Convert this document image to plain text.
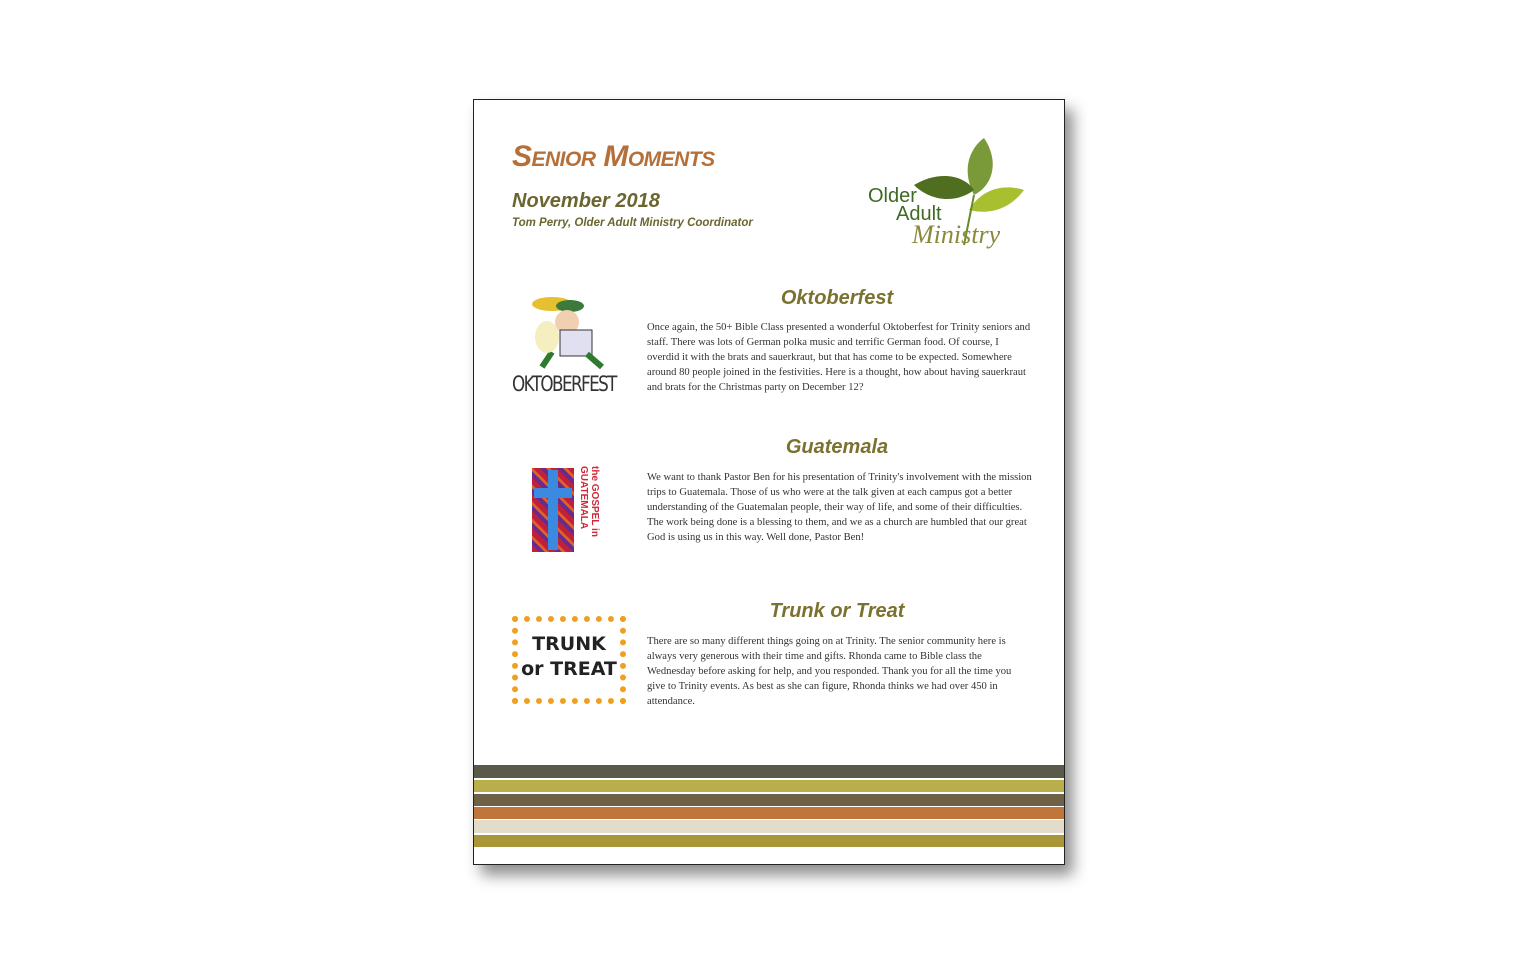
Senior Moments
November 2018
Tom Perry, Older Adult Ministry Coordinator
Older
Adult
Ministry
OKTOBERFEST
Oktoberfest
Once again, the 50+ Bible Class presented a wonderful Oktoberfest for Trinity seniors and staff. There was lots of German polka music and terrific German food. Of course, I overdid it with the brats and sauerkraut, but that has come to be expected. Somewhere around 80 people joined in the festivities. Here is a thought, how about having sauerkraut and brats for the Christmas party on December 12?
the GOSPEL in GUATEMALA
Guatemala
We want to thank Pastor Ben for his presentation of Trinity's involvement with the mission trips to Guatemala. Those of us who were at the talk given at each campus got a better understanding of the Guatemalan people, their way of life, and some of their difficulties. The work being done is a blessing to them, and we as a church are humbled that our great God is using us in this way. Well done, Pastor Ben!
TRUNK or TREAT
Trunk or Treat
There are so many different things going on at Trinity. The senior community here is always very generous with their time and gifts. Rhonda came to Bible class the Wednesday before asking for help, and you responded. Thank you for all the time you give to Trinity events. As best as she can figure, Rhonda thinks we had over 450 in attendance.
